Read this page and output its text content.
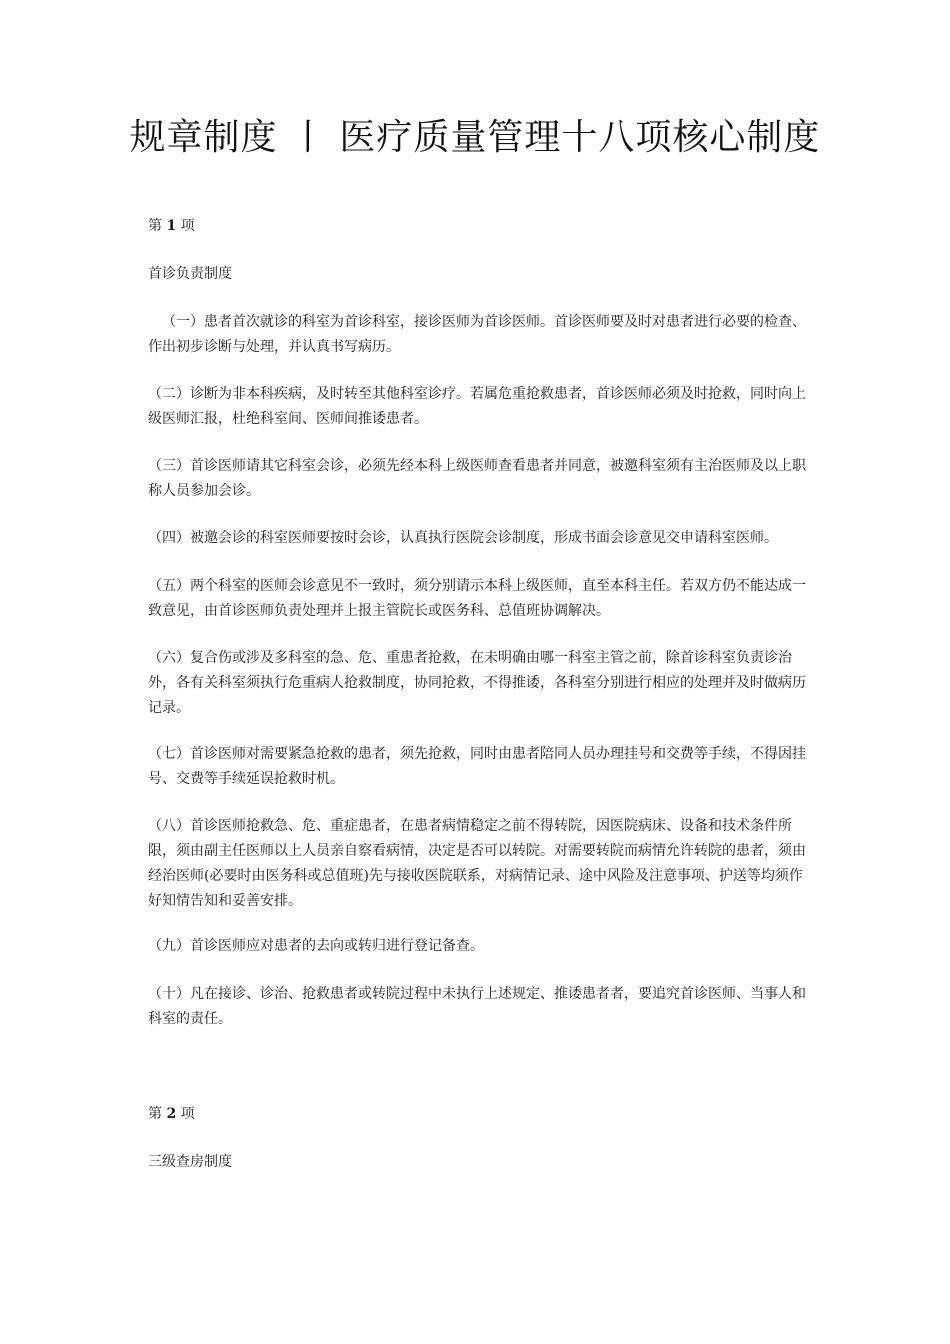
规章制度 丨 医疗质量管理十八项核心制度

第 1 项

首诊负责制度

（一）患者首次就诊的科室为首诊科室，接诊医师为首诊医师。首诊医师要及时对患者进行必要的检查、作出初步诊断与处理，并认真书写病历。

（二）诊断为非本科疾病，及时转至其他科室诊疗。若属危重抢救患者，首诊医师必须及时抢救，同时向上级医师汇报，杜绝科室间、医师间推诿患者。

（三）首诊医师请其它科室会诊，必须先经本科上级医师查看患者并同意，被邀科室须有主治医师及以上职称人员参加会诊。

（四）被邀会诊的科室医师要按时会诊，认真执行医院会诊制度，形成书面会诊意见交申请科室医师。

（五）两个科室的医师会诊意见不一致时，须分别请示本科上级医师，直至本科主任。若双方仍不能达成一致意见，由首诊医师负责处理并上报主管院长或医务科、总值班协调解决。

（六）复合伤或涉及多科室的急、危、重患者抢救，在未明确由哪一科室主管之前，除首诊科室负责诊治外，各有关科室须执行危重病人抢救制度，协同抢救，不得推诿，各科室分别进行相应的处理并及时做病历记录。

（七）首诊医师对需要紧急抢救的患者，须先抢救，同时由患者陪同人员办理挂号和交费等手续，不得因挂号、交费等手续延误抢救时机。

（八）首诊医师抢救急、危、重症患者，在患者病情稳定之前不得转院，因医院病床、设备和技术条件所限，须由副主任医师以上人员亲自察看病情，决定是否可以转院。对需要转院而病情允许转院的患者，须由经治医师(必要时由医务科或总值班)先与接收医院联系，对病情记录、途中风险及注意事项、护送等均须作好知情告知和妥善安排。

（九）首诊医师应对患者的去向或转归进行登记备查。

（十）凡在接诊、诊治、抢救患者或转院过程中未执行上述规定、推诿患者者，要追究首诊医师、当事人和科室的责任。

第 2 项

三级查房制度
